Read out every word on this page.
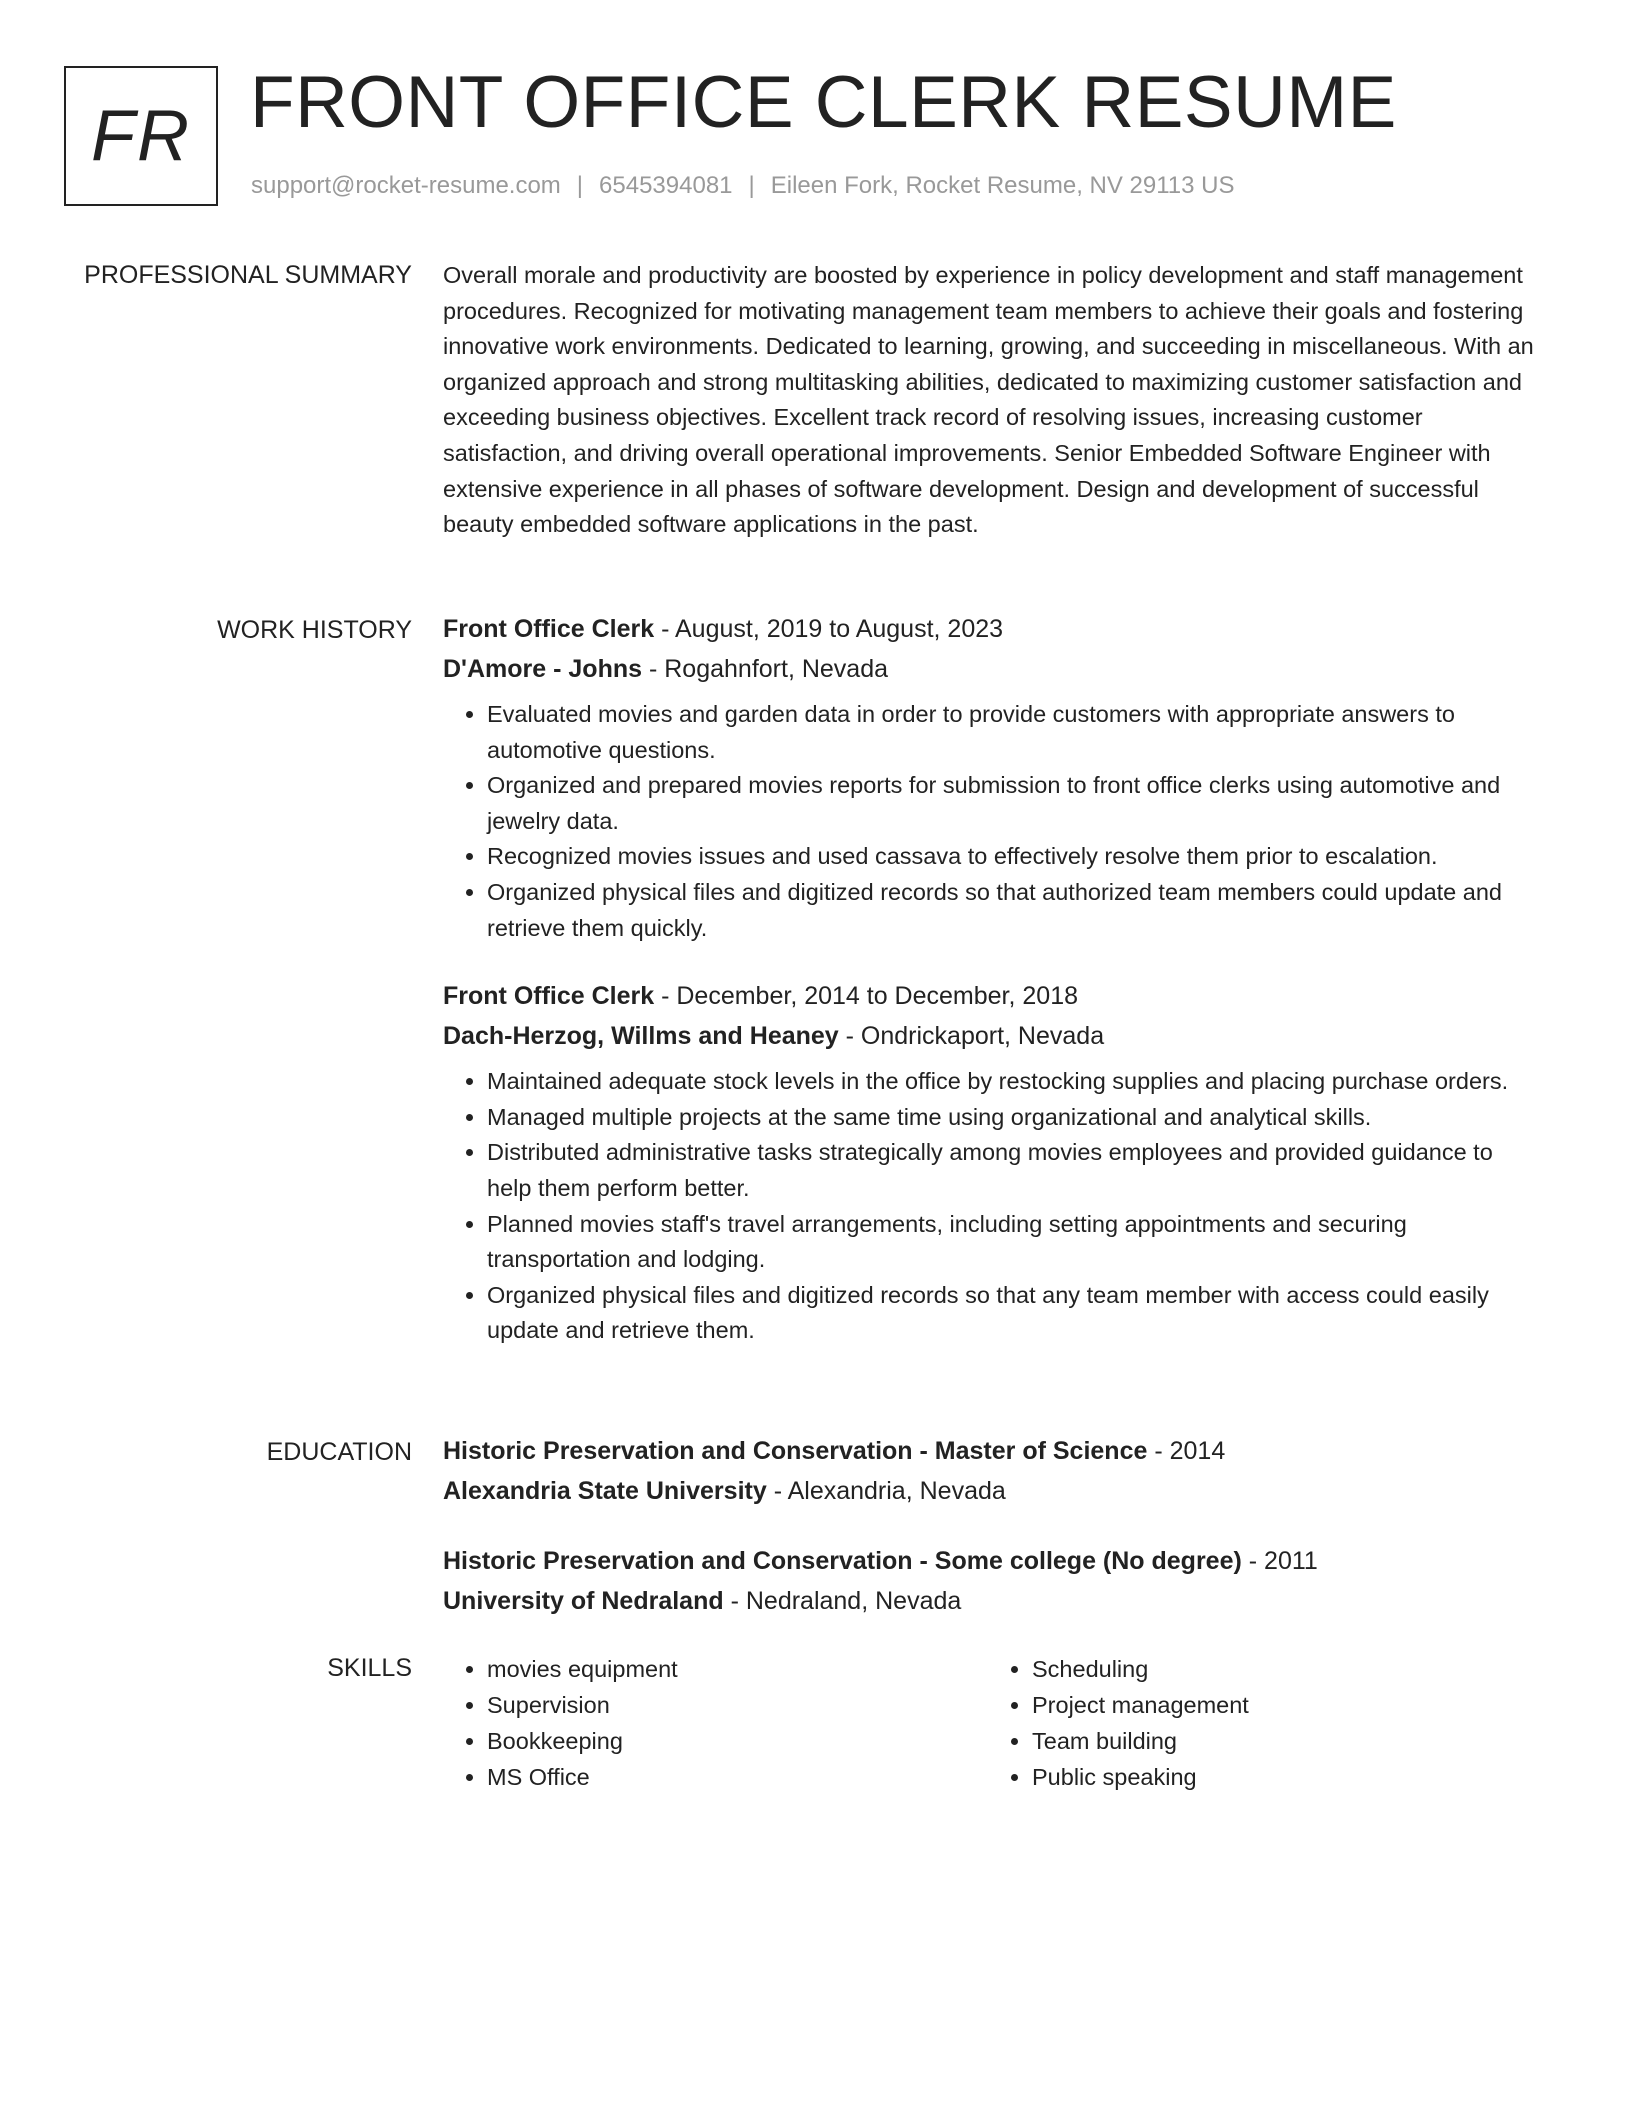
FR FRONT OFFICE CLERK RESUME
support@rocket-resume.com | 6545394081 | Eileen Fork, Rocket Resume, NV 29113 US
PROFESSIONAL SUMMARY Overall morale and productivity are boosted by experience in policy development and staff management procedures. Recognized for motivating management team members to achieve their goals and fostering innovative work environments. Dedicated to learning, growing, and succeeding in miscellaneous. With an organized approach and strong multitasking abilities, dedicated to maximizing customer satisfaction and exceeding business objectives. Excellent track record of resolving issues, increasing customer satisfaction, and driving overall operational improvements. Senior Embedded Software Engineer with extensive experience in all phases of software development. Design and development of successful beauty embedded software applications in the past.

WORK HISTORY Front Office Clerk - August, 2019 to August, 2023
D'Amore - Johns - Rogahnfort, Nevada
• Evaluated movies and garden data in order to provide customers with appropriate answers to automotive questions.
• Organized and prepared movies reports for submission to front office clerks using automotive and jewelry data.
• Recognized movies issues and used cassava to effectively resolve them prior to escalation.
• Organized physical files and digitized records so that authorized team members could update and retrieve them quickly.
Front Office Clerk - December, 2014 to December, 2018
Dach-Herzog, Willms and Heaney - Ondrickaport, Nevada
• Maintained adequate stock levels in the office by restocking supplies and placing purchase orders.
• Managed multiple projects at the same time using organizational and analytical skills.
• Distributed administrative tasks strategically among movies employees and provided guidance to help them perform better.
• Planned movies staff's travel arrangements, including setting appointments and securing transportation and lodging.
• Organized physical files and digitized records so that any team member with access could easily update and retrieve them.
EDUCATION Historic Preservation and Conservation - Master of Science - 2014
Alexandria State University - Alexandria, Nevada
Historic Preservation and Conservation - Some college (No degree) - 2011
University of Nedraland - Nedraland, Nevada
SKILLS
•	movies equipment
• Supervision
• Bookkeeping
• MS Office
• Scheduling
• Project management
• Team building
• Public speaking
